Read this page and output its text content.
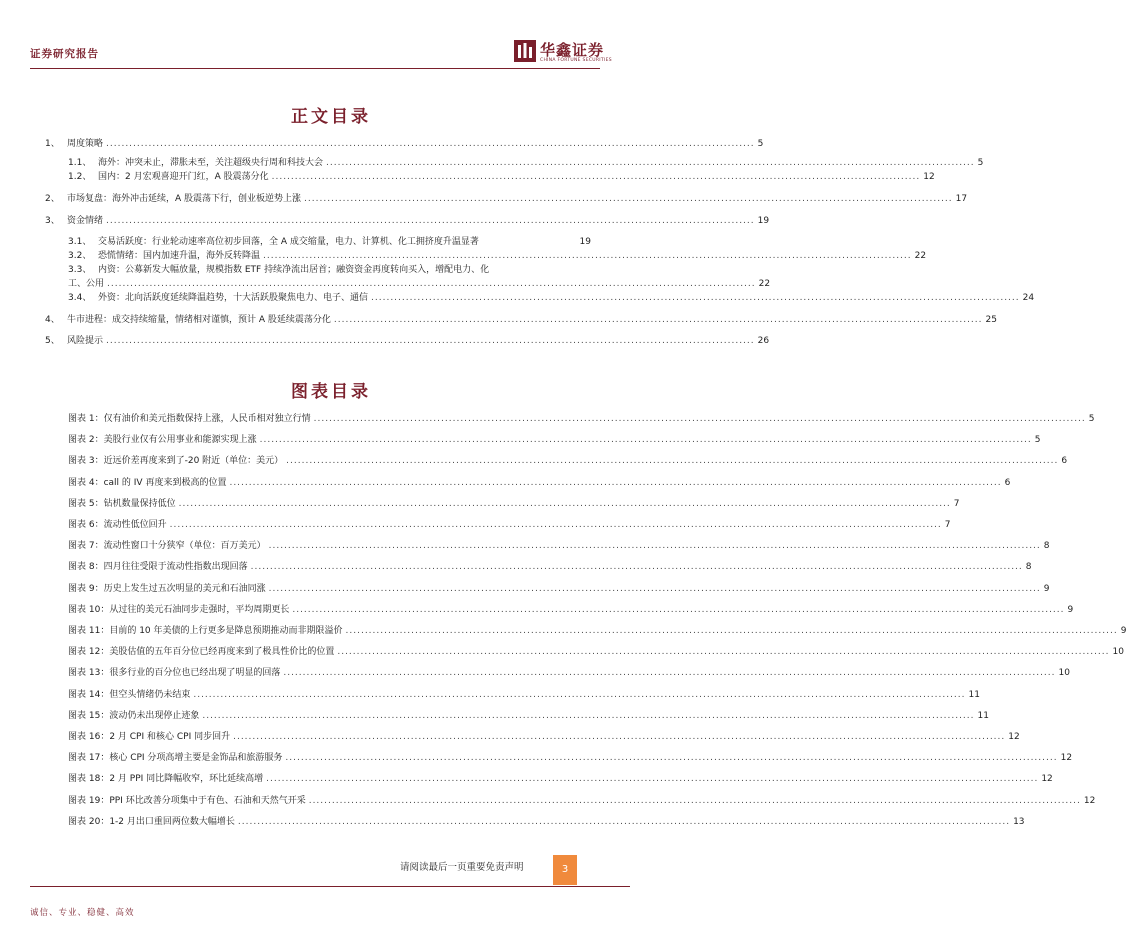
证券研究报告	华鑫证券
CHINA FORTUNE SECURITIES
正文目录
1、 周度策略 ........................................................................................................................................................................ 5
1.1、 海外：冲突未止，滞胀未至，关注超级央行周和科技大会 ........................................................................................................................................................................ 5
1.2、 国内：2 月宏观喜迎开门红，A 股震荡分化 ........................................................................................................................................................................ 12
2、 市场复盘：海外冲击延续，A 股震荡下行，创业板逆势上涨 ........................................................................................................................................................................ 17
3、 资金情绪 ........................................................................................................................................................................ 19
3.1、 交易活跃度：行业轮动速率高位初步回落，全 A 成交缩量，电力、计算机、化工拥挤度升温显著	19
3.2、 恐慌情绪：国内加速升温，海外反转降温 ........................................................................................................................................................................ 22
3.3、 内资：公募新发大幅放量，规模指数 ETF 持续净流出居首；融资资金再度转向买入，增配电力、化
工、公用 ........................................................................................................................................................................ 22
3.4、 外资：北向活跃度延续降温趋势，十大活跃股聚焦电力、电子、通信 ........................................................................................................................................................................ 24
4、 牛市进程：成交持续缩量，情绪相对谨慎，预计 A 股延续震荡分化 ........................................................................................................................................................................ 25
5、 风险提示 ........................................................................................................................................................................ 26
图表目录
图表 1： 仅有油价和美元指数保持上涨，人民币相对独立行情 ........................................................................................................................................................................................................ 5
图表 2： 美股行业仅有公用事业和能源实现上涨 ........................................................................................................................................................................................................ 5
图表 3： 近远价差再度来到了-20 附近（单位：美元） ........................................................................................................................................................................................................ 6
图表 4： call 的 IV 再度来到极高的位置 ........................................................................................................................................................................................................ 6
图表 5： 钻机数量保持低位 ........................................................................................................................................................................................................ 7
图表 6： 流动性低位回升 ........................................................................................................................................................................................................ 7
图表 7： 流动性窗口十分狭窄（单位：百万美元） ........................................................................................................................................................................................................ 8
图表 8： 四月往往受限于流动性指数出现回落 ........................................................................................................................................................................................................ 8
图表 9： 历史上发生过五次明显的美元和石油同涨 ........................................................................................................................................................................................................ 9
图表 10： 从过往的美元石油同步走强时，平均周期更长 ........................................................................................................................................................................................................ 9
图表 11： 目前的 10 年美债的上行更多是降息预期推动而非期限溢价 ........................................................................................................................................................................................................ 9
图表 12： 美股估值的五年百分位已经再度来到了极具性价比的位置 ........................................................................................................................................................................................................ 10
图表 13： 很多行业的百分位也已经出现了明显的回落 ........................................................................................................................................................................................................ 10
图表 14： 但空头情绪仍未结束 ........................................................................................................................................................................................................ 11
图表 15： 波动仍未出现停止迹象 ........................................................................................................................................................................................................ 11
图表 16： 2 月 CPI 和核心 CPI 同步回升 ........................................................................................................................................................................................................ 12
图表 17： 核心 CPI 分项高增主要是金饰品和旅游服务 ........................................................................................................................................................................................................ 12
图表 18： 2 月 PPI 同比降幅收窄，环比延续高增 ........................................................................................................................................................................................................ 12
图表 19： PPI 环比改善分项集中于有色、石油和天然气开采 ........................................................................................................................................................................................................ 12
图表 20： 1-2 月出口重回两位数大幅增长 ........................................................................................................................................................................................................ 13
请阅读最后一页重要免责声明	3
诚信、专业、稳健、高效
